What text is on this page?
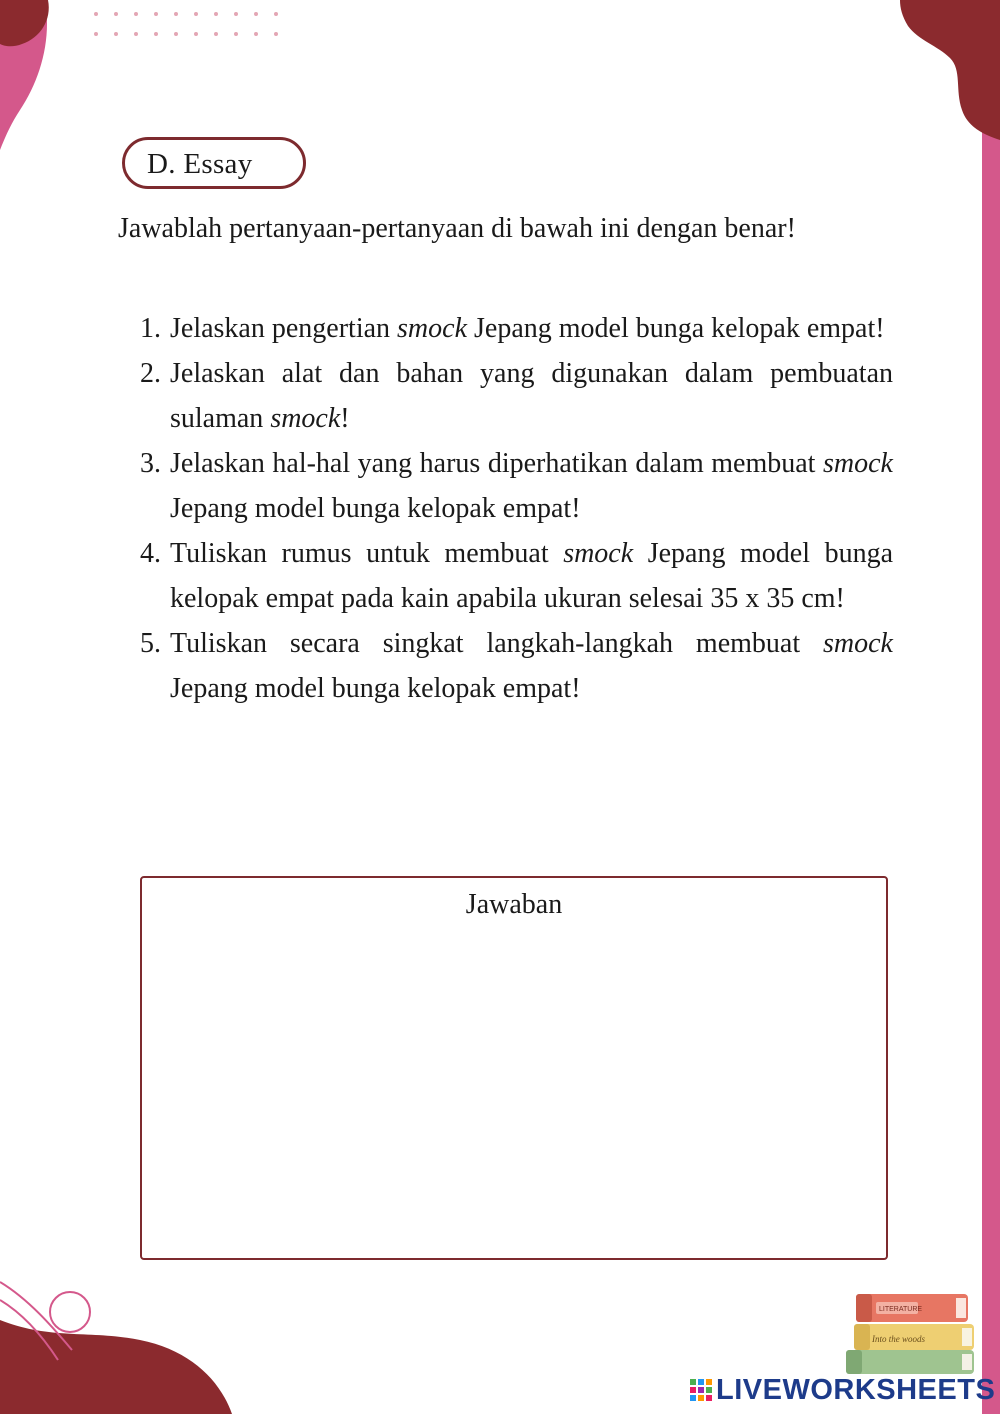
D. Essay

Jawablah pertanyaan-pertanyaan di bawah ini dengan benar!

1. Jelaskan pengertian smock Jepang model bunga kelopak empat!
2. Jelaskan alat dan bahan yang digunakan dalam pembuatan sulaman smock!
3. Jelaskan hal-hal yang harus diperhatikan dalam membuat smock Jepang model bunga kelopak empat!
4. Tuliskan rumus untuk membuat smock Jepang model bunga kelopak empat pada kain apabila ukuran selesai 35 x 35 cm!
5. Tuliskan secara singkat langkah-langkah membuat smock Jepang model bunga kelopak empat!
Jawaban
Into the woods
LITERATURE
LIVEWORKSHEETS
